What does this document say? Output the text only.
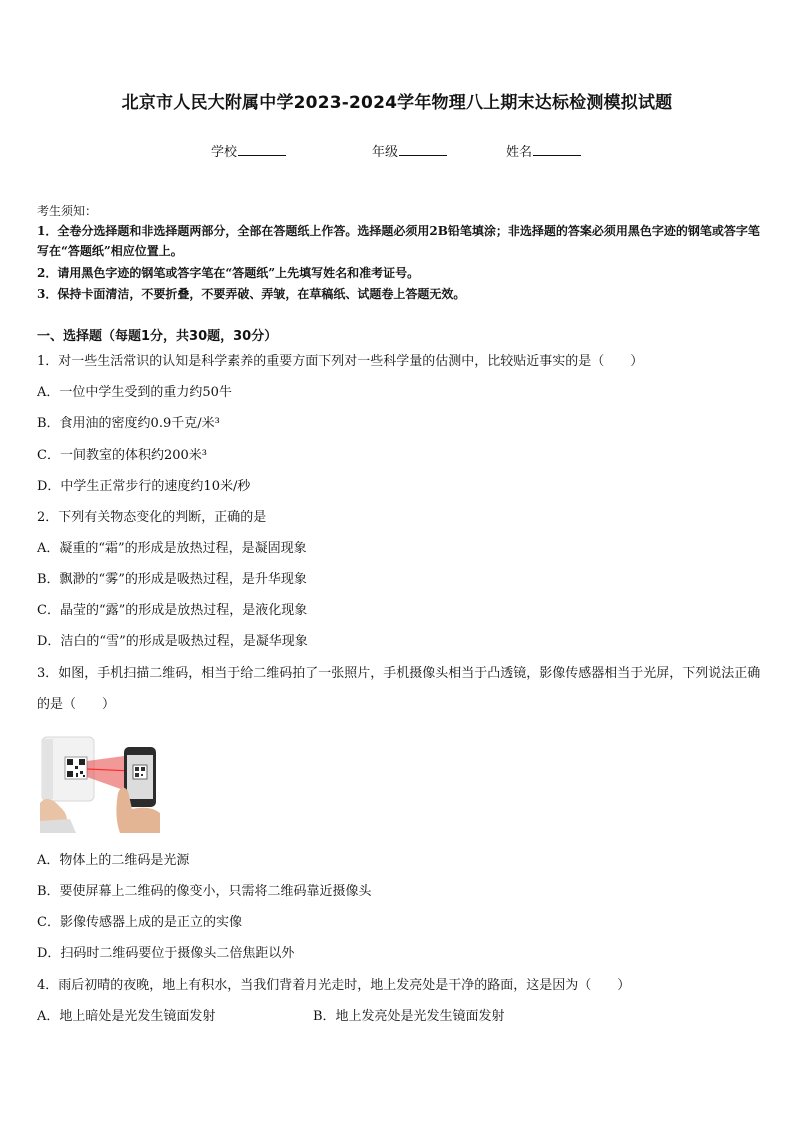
北京市人民大附属中学2023-2024学年物理八上期末达标检测模拟试题
学校	年级	姓名
考生须知：
1．全卷分选择题和非选择题两部分，全部在答题纸上作答。选择题必须用2B铅笔填涂；非选择题的答案必须用黑色字迹的钢笔或答字笔写在“答题纸”相应位置上。
2．请用黑色字迹的钢笔或答字笔在“答题纸”上先填写姓名和准考证号。
3．保持卡面清洁，不要折叠，不要弄破、弄皱，在草稿纸、试题卷上答题无效。
一、选择题（每题1分，共30题，30分）
1．对一些生活常识的认知是科学素养的重要方面下列对一些科学量的估测中，比较贴近事实的是（　　）
A．一位中学生受到的重力约50牛
B．食用油的密度约0.9千克/米³
C．一间教室的体积约200米³
D．中学生正常步行的速度约10米/秒
2．下列有关物态变化的判断，正确的是
A．凝重的“霜”的形成是放热过程，是凝固现象
B．飘渺的“雾”的形成是吸热过程，是升华现象
C．晶莹的“露”的形成是放热过程，是液化现象
D．洁白的“雪”的形成是吸热过程，是凝华现象
3．如图，手机扫描二维码，相当于给二维码拍了一张照片，手机摄像头相当于凸透镜，影像传感器相当于光屏，下列说法正确的是（　　）
A．物体上的二维码是光源
B．要使屏幕上二维码的像变小，只需将二维码靠近摄像头
C．影像传感器上成的是正立的实像
D．扫码时二维码要位于摄像头二倍焦距以外
4．雨后初晴的夜晚，地上有积水，当我们背着月光走时，地上发亮处是干净的路面，这是因为（　　）
A．地上暗处是光发生镜面发射	B．地上发亮处是光发生镜面发射
